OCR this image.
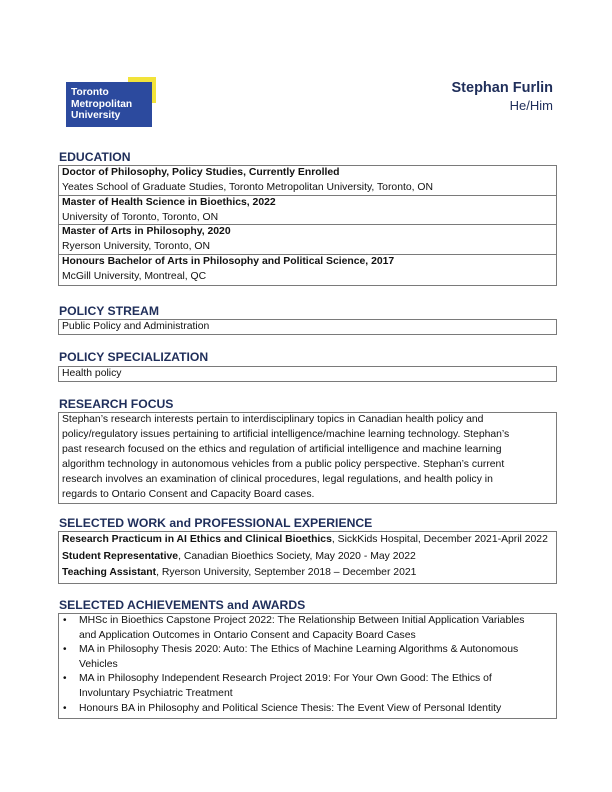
Toronto
Metropolitan
University
Stephan Furlin
He/Him
EDUCATION
Doctor of Philosophy, Policy Studies, Currently Enrolled
Yeates School of Graduate Studies, Toronto Metropolitan University, Toronto, ON
Master of Health Science in Bioethics, 2022
University of Toronto, Toronto, ON
Master of Arts in Philosophy, 2020
Ryerson University, Toronto, ON
Honours Bachelor of Arts in Philosophy and Political Science, 2017
McGill University, Montreal, QC
POLICY STREAM
Public Policy and Administration
POLICY SPECIALIZATION
Health policy
RESEARCH FOCUS
Stephan’s research interests pertain to interdisciplinary topics in Canadian health policy and
policy/regulatory issues pertaining to artificial intelligence/machine learning technology. Stephan’s
past research focused on the ethics and regulation of artificial intelligence and machine learning
algorithm technology in autonomous vehicles from a public policy perspective. Stephan’s current
research involves an examination of clinical procedures, legal regulations, and health policy in
regards to Ontario Consent and Capacity Board cases.
SELECTED WORK and PROFESSIONAL EXPERIENCE
Research Practicum in AI Ethics and Clinical Bioethics, SickKids Hospital, December 2021-April 2022
Student Representative, Canadian Bioethics Society, May 2020 - May 2022
Teaching Assistant, Ryerson University, September 2018 – December 2021
SELECTED ACHIEVEMENTS and AWARDS
• MHSc in Bioethics Capstone Project 2022: The Relationship Between Initial Application Variables
and Application Outcomes in Ontario Consent and Capacity Board Cases
• MA in Philosophy Thesis 2020: Auto: The Ethics of Machine Learning Algorithms & Autonomous
Vehicles
• MA in Philosophy Independent Research Project 2019: For Your Own Good: The Ethics of
Involuntary Psychiatric Treatment
• Honours BA in Philosophy and Political Science Thesis: The Event View of Personal Identity
